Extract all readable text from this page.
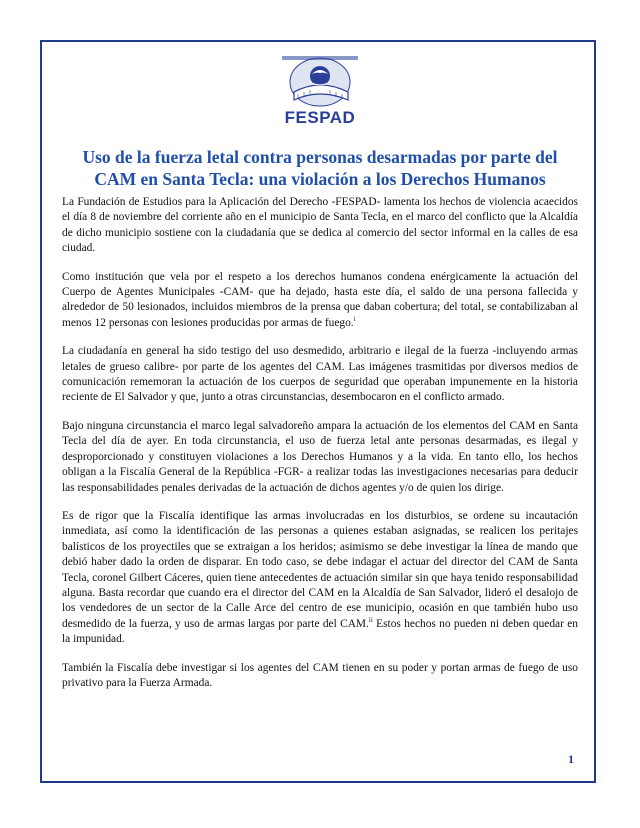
FESPAD
Uso de la fuerza letal contra personas desarmadas por parte del CAM en Santa Tecla: una violación a los Derechos Humanos

La Fundación de Estudios para la Aplicación del Derecho -FESPAD- lamenta los hechos de violencia acaecidos el día 8 de noviembre del corriente año en el municipio de Santa Tecla, en el marco del conflicto que la Alcaldía de dicho municipio sostiene con la ciudadanía que se dedica al comercio del sector informal en la calles de esa ciudad.

Como institución que vela por el respeto a los derechos humanos condena enérgicamente la actuación del Cuerpo de Agentes Municipales -CAM- que ha dejado, hasta este día, el saldo de una persona fallecida y alrededor de 50 lesionados, incluidos miembros de la prensa que daban cobertura; del total, se contabilizaban al menos 12 personas con lesiones producidas por armas de fuego.$^i$

La ciudadanía en general ha sido testigo del uso desmedido, arbitrario e ilegal de la fuerza -incluyendo armas letales de grueso calibre- por parte de los agentes del CAM. Las imágenes trasmitidas por diversos medios de comunicación rememoran la actuación de los cuerpos de seguridad que operaban impunemente en la historia reciente de El Salvador y que, junto a otras circunstancias, desembocaron en el conflicto armado.

Bajo ninguna circunstancia el marco legal salvadoreño ampara la actuación de los elementos del CAM en Santa Tecla del día de ayer. En toda circunstancia, el uso de fuerza letal ante personas desarmadas, es ilegal y desproporcionado y constituyen violaciones a los Derechos Humanos y a la vida. En tanto ello, los hechos obligan a la Fiscalía General de la República -FGR- a realizar todas las investigaciones necesarias para deducir las responsabilidades penales derivadas de la actuación de dichos agentes y/o de quien los dirige.

Es de rigor que la Fiscalía identifique las armas involucradas en los disturbios, se ordene su incautación inmediata, así como la identificación de las personas a quienes estaban asignadas, se realicen los peritajes balísticos de los proyectiles que se extraigan a los heridos; asimismo se debe investigar la línea de mando que debió haber dado la orden de disparar. En todo caso, se debe indagar el actuar del director del CAM de Santa Tecla, coronel Gilbert Cáceres, quien tiene antecedentes de actuación similar sin que haya tenido responsabilidad alguna. Basta recordar que cuando era el director del CAM en la Alcaldía de San Salvador, lideró el desalojo de los vendedores de un sector de la Calle Arce del centro de ese municipio, ocasión en que también hubo uso desmedido de la fuerza, y uso de armas largas por parte del CAM.$^{ii}$ Estos hechos no pueden ni deben quedar en la impunidad.

También la Fiscalía debe investigar si los agentes del CAM tienen en su poder y portan armas de fuego de uso privativo para la Fuerza Armada.

1
